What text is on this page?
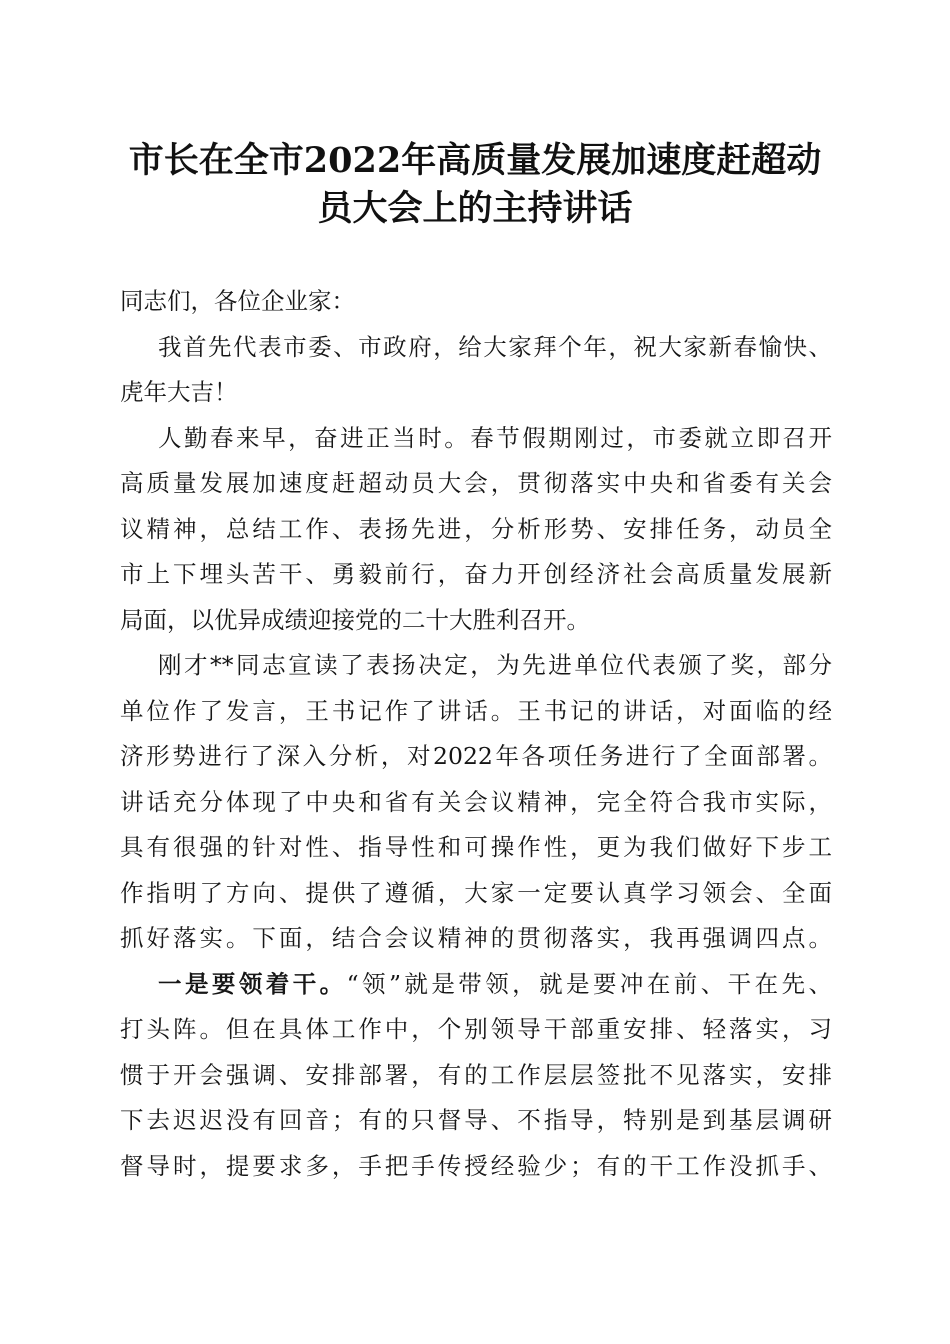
市长在全市2022年高质量发展加速度赶超动
员大会上的主持讲话
同志们，各位企业家：
我首先代表市委、市政府，给大家拜个年，祝大家新春愉快、
虎年大吉！
人勤春来早，奋进正当时。春节假期刚过，市委就立即召开
高质量发展加速度赶超动员大会，贯彻落实中央和省委有关会
议精神，总结工作、表扬先进，分析形势、安排任务，动员全
市上下埋头苦干、勇毅前行，奋力开创经济社会高质量发展新
局面，以优异成绩迎接党的二十大胜利召开。
刚才**同志宣读了表扬决定，为先进单位代表颁了奖，部分
单位作了发言，王书记作了讲话。王书记的讲话，对面临的经
济形势进行了深入分析，对2022年各项任务进行了全面部署。
讲话充分体现了中央和省有关会议精神，完全符合我市实际，
具有很强的针对性、指导性和可操作性，更为我们做好下步工
作指明了方向、提供了遵循，大家一定要认真学习领会、全面
抓好落实。下面，结合会议精神的贯彻落实，我再强调四点。
一是要领着干。“领”就是带领，就是要冲在前、干在先、
打头阵。但在具体工作中，个别领导干部重安排、轻落实，习
惯于开会强调、安排部署，有的工作层层签批不见落实，安排
下去迟迟没有回音；有的只督导、不指导，特别是到基层调研
督导时，提要求多，手把手传授经验少；有的干工作没抓手、
